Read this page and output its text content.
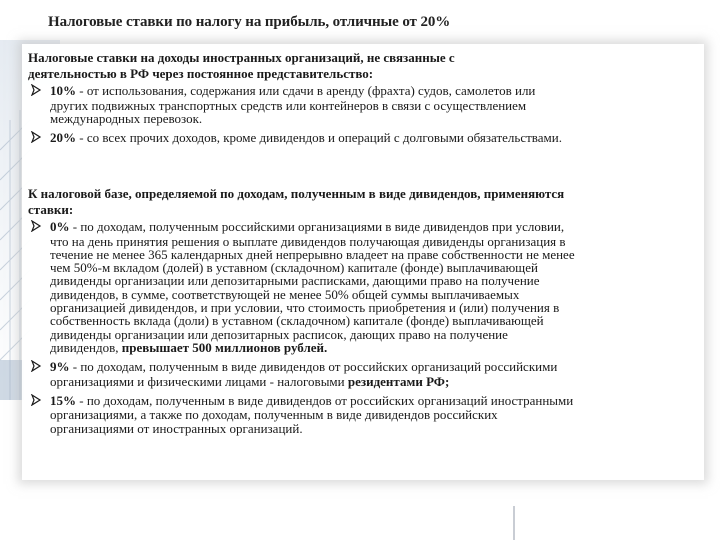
Налоговые ставки по налогу на прибыль, отличные от 20%
Налоговые ставки на доходы иностранных организаций, не связанные с
деятельностью в РФ через постоянное представительство:
10% - от использования, содержания или сдачи в аренду (фрахта) судов, самолетов или
других подвижных транспортных средств или контейнеров в связи с осуществлением
международных перевозок.
20% - со всех прочих доходов, кроме дивидендов и операций с долговыми обязательствами.
К налоговой базе, определяемой по доходам, полученным в виде дивидендов, применяются
ставки:
0% - по доходам, полученным российскими организациями в виде дивидендов при условии,
что на день принятия решения о выплате дивидендов получающая дивиденды организация в
течение не менее 365 календарных дней непрерывно владеет на праве собственности не менее
чем 50%-м вкладом (долей) в уставном (складочном) капитале (фонде) выплачивающей
дивиденды организации или депозитарными расписками, дающими право на получение
дивидендов, в сумме, соответствующей не менее 50% общей суммы выплачиваемых
организацией дивидендов, и при условии, что стоимость приобретения и (или) получения в
собственность вклада (доли) в уставном (складочном) капитале (фонде) выплачивающей
дивиденды организации или депозитарных расписок, дающих право на получение
дивидендов, превышает 500 миллионов рублей.
9% - по доходам, полученным в виде дивидендов от российских организаций российскими
организациями и физическими лицами - налоговыми резидентами РФ;
15% - по доходам, полученным в виде дивидендов от российских организаций иностранными
организациями, а также по доходам, полученным в виде дивидендов российских
организациями от иностранных организаций.
